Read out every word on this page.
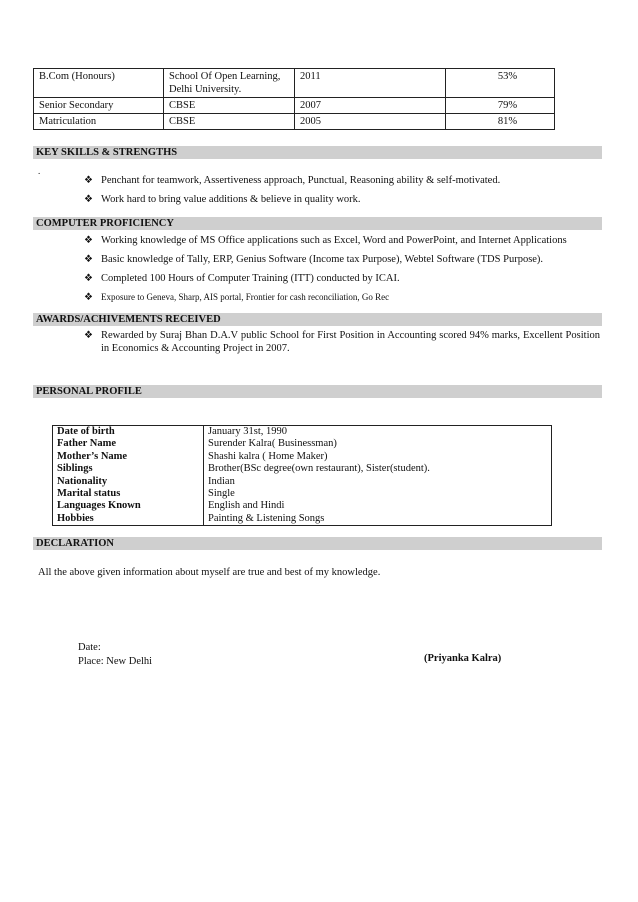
B.Com (Honours)	School Of Open Learning, Delhi University.	2011	53%
Senior Secondary	CBSE	2007	79%
Matriculation	CBSE	2005	81%
KEY SKILLS & STRENGTHS
.
❖ Penchant for teamwork, Assertiveness approach, Punctual, Reasoning ability & self-motivated.
❖ Work hard to bring value additions & believe in quality work.
COMPUTER PROFICIENCY
❖ Working knowledge of MS Office applications such as Excel, Word and PowerPoint, and Internet Applications
❖ Basic knowledge of Tally, ERP, Genius Software (Income tax Purpose), Webtel Software (TDS Purpose).
❖ Completed 100 Hours of Computer Training (ITT) conducted by ICAI.
❖ Exposure to Geneva, Sharp, AIS portal, Frontier for cash reconciliation, Go Rec
AWARDS/ACHIVEMENTS RECEIVED
❖ Rewarded by Suraj Bhan D.A.V public School for First Position in Accounting scored 94% marks, Excellent Position in Economics & Accounting Project in 2007.
PERSONAL PROFILE
Date of birth	January 31st, 1990
Father Name	Surender Kalra( Businessman)
Mother’s Name	Shashi kalra ( Home Maker)
Siblings	Brother(BSc degree(own restaurant), Sister(student).
Nationality	Indian
Marital status	Single
Languages Known	English and Hindi
Hobbies	Painting & Listening Songs
DECLARATION
All the above given information about myself are true and best of my knowledge.
Date:
Place: New Delhi	(Priyanka Kalra)
